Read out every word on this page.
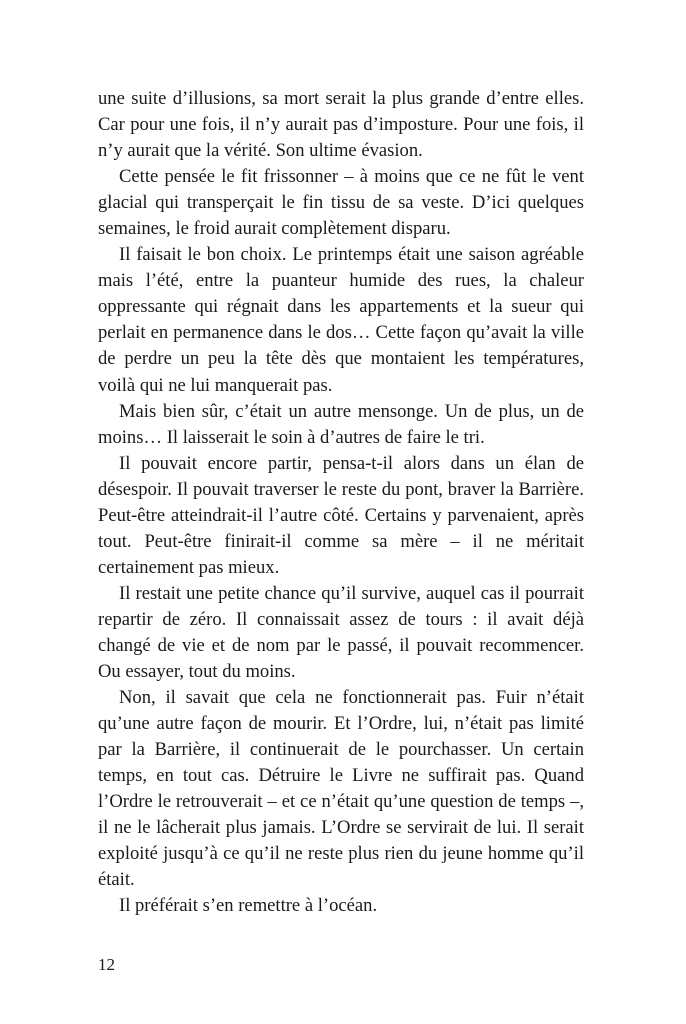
une suite d’illusions, sa mort serait la plus grande d’entre elles. Car pour une fois, il n’y aurait pas d’imposture. Pour une fois, il n’y aurait que la vérité. Son ultime évasion.

Cette pensée le fit frissonner – à moins que ce ne fût le vent glacial qui transperçait le fin tissu de sa veste. D’ici quelques semaines, le froid aurait complètement disparu.

Il faisait le bon choix. Le printemps était une saison agréable mais l’été, entre la puanteur humide des rues, la chaleur oppressante qui régnait dans les appartements et la sueur qui perlait en permanence dans le dos… Cette façon qu’avait la ville de perdre un peu la tête dès que montaient les températures, voilà qui ne lui manquerait pas.

Mais bien sûr, c’était un autre mensonge. Un de plus, un de moins… Il laisserait le soin à d’autres de faire le tri.

Il pouvait encore partir, pensa-t-il alors dans un élan de désespoir. Il pouvait traverser le reste du pont, braver la Barrière. Peut-être atteindrait-il l’autre côté. Certains y parvenaient, après tout. Peut-être finirait-il comme sa mère – il ne méritait certainement pas mieux.

Il restait une petite chance qu’il survive, auquel cas il pourrait repartir de zéro. Il connaissait assez de tours : il avait déjà changé de vie et de nom par le passé, il pouvait recommencer. Ou essayer, tout du moins.

Non, il savait que cela ne fonctionnerait pas. Fuir n’était qu’une autre façon de mourir. Et l’Ordre, lui, n’était pas limité par la Barrière, il continuerait de le pourchasser. Un certain temps, en tout cas. Détruire le Livre ne suffirait pas. Quand l’Ordre le retrouverait – et ce n’était qu’une question de temps –, il ne le lâcherait plus jamais. L’Ordre se servirait de lui. Il serait exploité jusqu’à ce qu’il ne reste plus rien du jeune homme qu’il était.

Il préférait s’en remettre à l’océan.

12
